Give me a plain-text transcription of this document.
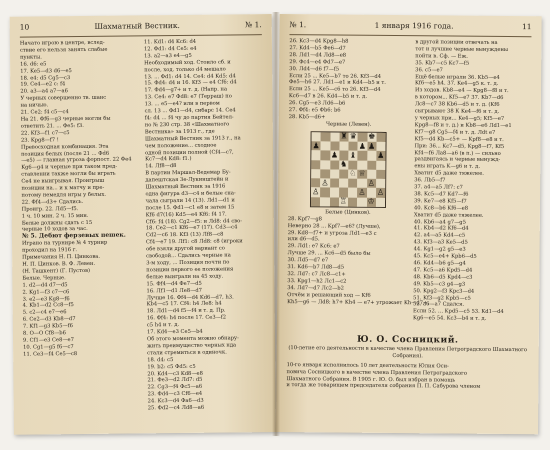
10	Шахматный Вестник.	№ 1.
Начато игрою в центре, вслед-
ствие его нельзя занять слабые
пункты.
16. d6: e5
17. Ke5—d3 d6—e5
18. e4: d5 Cg5—c3
19. Ce4—e2 c: f4
20. a3—a4 a7—a6
У черных совершенно тв. шанс
на ничью.
21. Ce2: f4 c5—c4
На 21. Фf6—g3 черные могли бы
ответить 21. ... Фe5: f3.
22. Kf3—f1 c7—c5
23. Kpg8—f7 !
Превосходная комбинация. Эта
позиция белых (после 21 ... Фd6
—e5) — главная угроза форпост. 22 Фe4
Kg6—g4 и черные при таком пред-
ставлении также могли бы играть
Ce4 не выигрывая. Проигрыш
позиции на... и к матчу и пре-
потому немедля игры у белых.
22. Фf4—d3+ Сдались.
Проигр. 22. Лd5—f5.
1 ч. 10 мин. 2 ч. 15 мин.
Белые должны сдать с 15
черные 10 ходов за час.
№ 5. Дебют ферзевых пешек.
Играно на турнире № 4 турнир
проходил на 1916 г.
Примечания Н. П. Цинкова.
Н. П. Цинков. В. Ф. Левен.
(Н. Ташкент) (Г. Пустов)
Белые. Черные.
1. d2—d4 d7—d5
2. Kg1—f3 c7—c6
3. e2—e3 Kg8—f6
4. Kb1—d2 Cc8—f5
5. c2—c4 e7—e6
6. Ce2—d3 Kb8—d7
7. Kf1—g3 Kb5—f6
8. O—O Cf8—b6
9. Cf1—e3 Ce8—e7
10. Cg1—g5 f6—c7
11. Ce3—f4 Ce5—c8
11. Kd1: d4 Kc6: d4
12. Фd1: d4 Ce5: e4
13. a2—a3 e4—g5
Необходимый ход. Стоило сб. и
после, ход. только d4 мешало
13. ... Фd1: d4 14. Ce4: d4 Kd5: d4
15. Фd4: d4 и 16. Kf3 — e4 Cf6: d4
17. Фd4—g7+ и т. д. (Напр. на
13. Ce4: e7 Фd8: e7 (Терраш) по
13. ... e5—e4? или в первом
сл. 13 ... Фd1—d4, сибарс 14. Ce4
f4: d4 ... f4 чу до партия Бейтел-
но № 230 стр. 38 «Шахматного
Вестника» за 1913 г., где
Шахматный Вестник за 1913 г., на
чем положение... сходное
одной позиции полной (Сf4—c7,
Kс7—d4 Kd8: f1.)
14. Лf8—d8
В партии Маршал-Ведемар Бу-
дапештская 3е-Лукинштейн и
Шахматный Вестник за 1916
одна фигура d3—c4 и белые сна-
чала сыграли 14 (13). Лd1—d1 и
после 15. Фd1—c1 е8 и затем 15
Kf6 d7(16) Kd5—e4 Kf6: f4 17.
Cf6: f4 (18). Cg2—f5: и Лd8: d4 сво-
18. Ce2—c1 Kf6—e7 (17). Cd3—c4
Cd2—c6 18. Kf3 (13) Лf8—c8
Cf4—e7 19. Лf1: c8 Лd8: c8 (игроки
обе взяли другой вариант со
свободой... Сдались черные на
3-м ходу, ... Позиция почти по
позиции первого ее положения
белые выиграли на 45 ходу.
15. Фf4—d4 Фe7—d5
16. Лf1—d1 Лe8—d7
Лучше 16. Фf4—d4 Kd6—d7, h3.
Kb4—c5 17. Cf4: h4 Лe8: h4
18. Лd1—d4 f5—f4 и т. д. Пр.
16. Фf4: h4 после 17. Ce3—f2
c5 h4 и т. д.
17. Kd4—e3 Ce5—b4
Об этого момента можно обнару-
жить преимущество черных нда
стали стремиться в одиночк.
18. d4: c5
19. b2: c5 Фd5: c5
20. Kd4—c3 Kd8—e8
21. Фe3—d2 Лd7: d5
22. Cg3—f4 Фc5—a6
23. Фd4—c3 Cf6—e4
24. Kc3—d4 Фa6—d3
25. Фd2—c4 Лd8—a6
№ 1.	1 января 1916 года.	11
26. Kc3—d4 Kpg8—h8
27. Kd4—b5 Фe6—d7
28. Лd1—d4 Лd8—e8
29. Фc4—e4 Фd7—e7
30. Лd4—d6 f7—f5
Если 25 ... Ke5—b7 то 26. Kf3—d4
Фe5—h6 27. Лd1—e1 и Kd4—b5 и т.
Если 25 ... Ke5—c6 то 26. Kf3—d4
Kc6—d7 в 26. Kd4—b5 и т. д.
26. Cg5—e3 Лd6—b6
27. Фf4: e5 Фb6: b6
28. Kb5—d6+
Черные (Левен).
♜ ♛ ♚
♟	♟ ♟
♟ ♝	♟
♞
♘ ♕
♙	♙
♙	♙ ♙
♖	♔
Белые (Цинков).
28. Kpf7—g8
Неверно 28 ... Kpf7—e6? (Лучше),
29. Kd8—f7+ и угроза Лd1—e3 с
или d6—d5.
29. Лd1: e7 Kc6: e7
Лучше 29. ... Kc6—d5 было бы
30. Лd5—d7 e7
31. Kd6—b7 Лd8—d5
32. Лd7: c7 Лc8—c1+
33. Kpg1—h2 Лc1—c2
34. Лd7—d7 Лc2—b2
Отчём и решающий ход — Kf6
Kh5—g6 — Лd8: h7+ Kh4 — e7+ угрожает Kh—d7+.
в другой позиции отвечать на
тот и лучшие черные вынуждены
пойти в. Сф. — Еж.
35. Kb7—c5 Kc7—f5
36. c5—e7
Ещё белые играли 36. Kb5—e4
Kf6—e5 h4. 37. Ke4—g5 к. т. д.
Из ходов. Kb8—e4 — Kpg8—f8 и т.
в котором... Kf5—e7 37. Kb7—d6
Лс8—с7 38 Kb6—d5 и т. д. (Kf6
сыгрывают 38 К Ke4—f6 и т. д.
у черных при... Ke4—g5; Kf5—e7
Kpg8—f8 и т. д.) и Kb8—e6 Лd1—e1
Kf7—g8 Cg5—f4 и т. д. Лdt e7
Kf5—d4 Kb—с5+ — Kpf8—e8 и т.
При: 36... Kc7—d5, Kpg8—f7, Kf5
Kf4—f6 Ла8—a6 (в п.) — сильно
раздвигаясь и черные вынужд-
ены играть K—g6 и т. д.
Хватит d5 даже тяжелее.
36. Лb5—f7
37. a4—a5 Лf7: c7
38. Kc5—d7 Kd7—f6
39. Ke7—e8 Kf5—f7
40. Kc8—b6 Kf6—e8
Хватит d5 даже тяжелее.
40. Kb6—a4 g7—g5
41. Kb4—d2 Kf6—d4
42. a4—a5 Kd4—c5
43. Kf3—a3 Ke5—d5
44. Kg1—g2 g5—e3
45. Kc5—e4+ Kpb6—d5
46. Kd4—b6 g5—g4
47. Kc5—a6 Kpd5—d4
48. Kb6—d5 Kpd4—c3
49. Kb5—c3 g4—g3
50. Kpg2—f3 Kpc3—d4
51. Kf3—g2 Kpb5—c5
52. a6—a7 Сдался.
Если 52. ... Kpd5—c5 53. Kd1—d4
Kg6—e5 54. Kc3—b4 и т. д.
Ю. О. Сосницкий.
(10-летие его деятельности в качестве члена Правления Петроградского Шахматного Собрания).
10-го января исполнилось 10 лет деятельности Юлия Оси-
повича Сосницкого в качестве члена Правления Петроградского
Шахматного Собрания. В 1905 г. Ю. О. был избран в помощь
и тогда же товарищем председателя собрания П. П. Сабурова членом
